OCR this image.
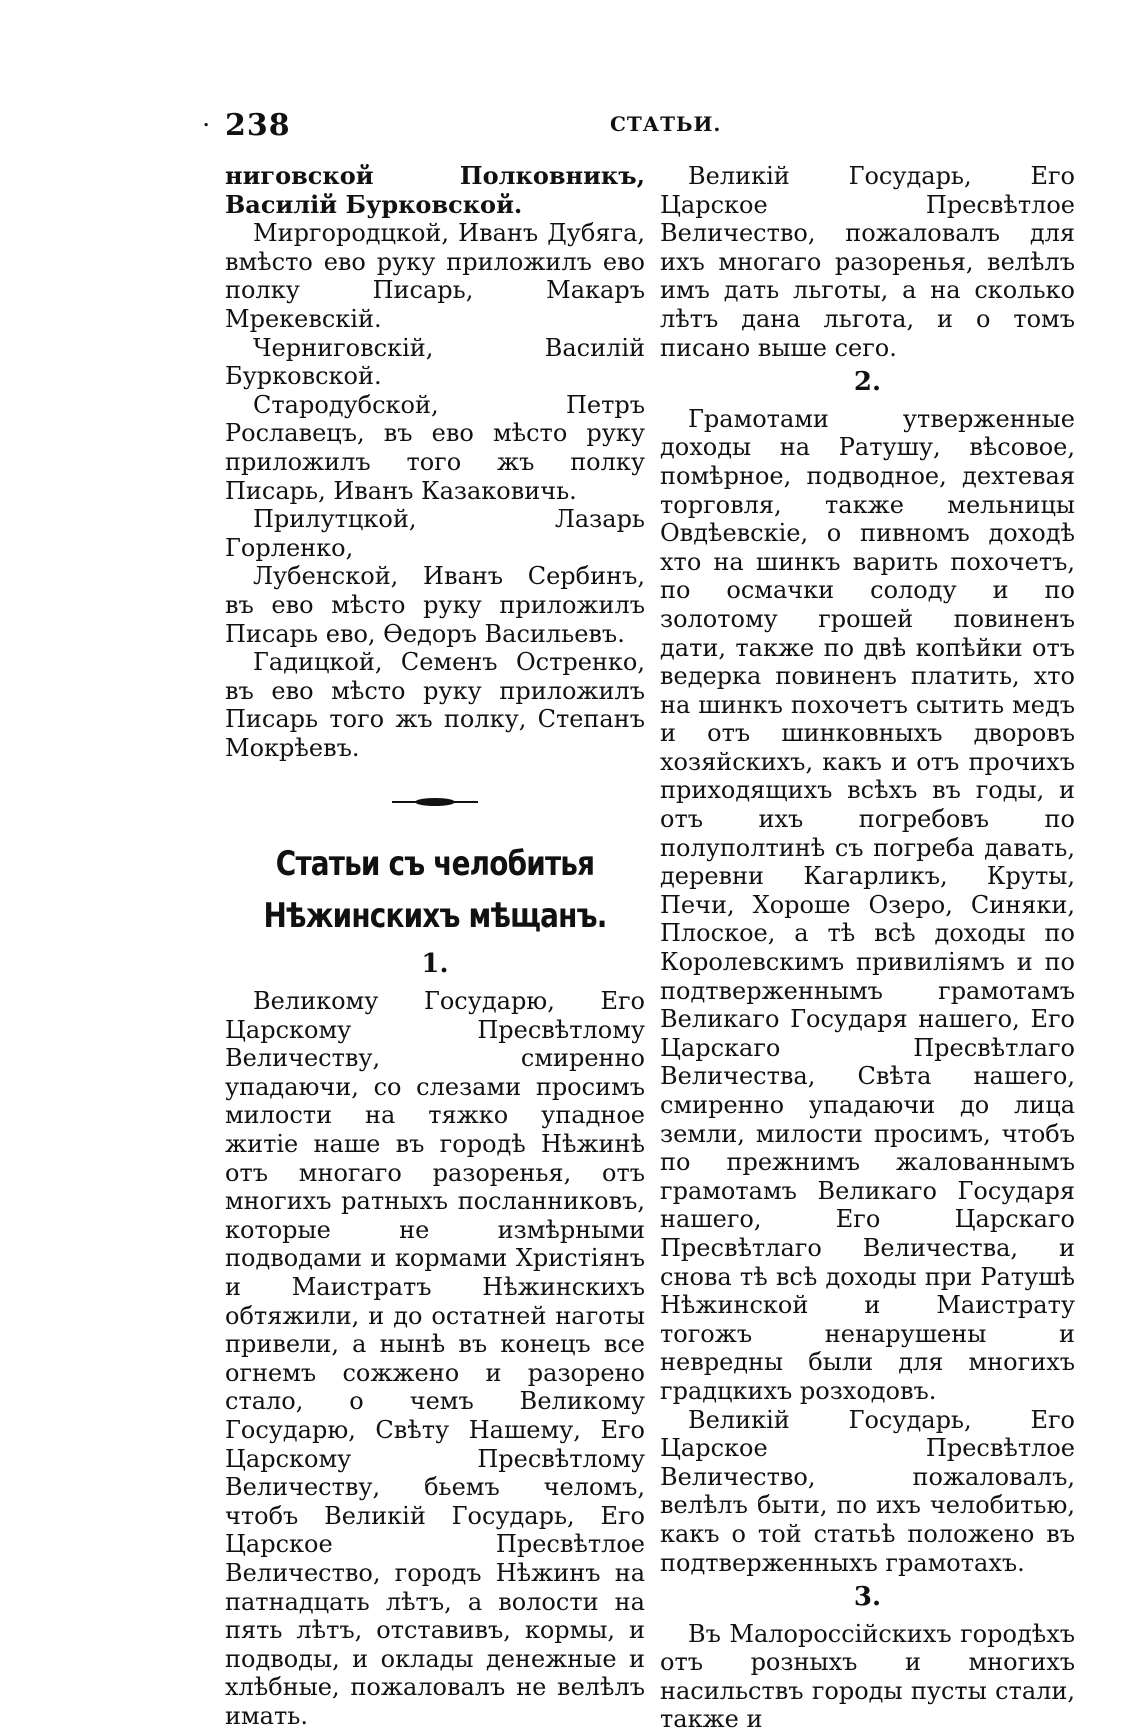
238	СТАТЬИ.
.

ниговской Полковникъ, Василій Бурковской.

Миргородцкой, Иванъ Дубяга, вмѣсто ево руку приложилъ ево полку Писарь, Макаръ Мрекевскій.

Черниговскій, Василій Бурковской.

Стародубской, Петръ Рославецъ, въ ево мѣсто руку приложилъ того жъ полку Писарь, Иванъ Казаковичь.

Прилутцкой, Лазарь Горленко,

Лубенской, Иванъ Сербинъ, въ ево мѣсто руку приложилъ Писарь ево, Ѳедоръ Васильевъ.

Гадицкой, Семенъ Остренко, въ ево мѣсто руку приложилъ Писарь того жъ полку, Степанъ Мокрѣевъ.

Статьи съ челобитья Нѣжинскихъ мѣщанъ.
1.

Великому Государю, Его Царскому Пресвѣтлому Величеству, смиренно упадаючи, со слезами просимъ милости на тяжко упадное житіе наше въ городѣ Нѣжинѣ отъ многаго разоренья, отъ многихъ ратныхъ посланниковъ, которые не измѣрными подводами и кормами Христіянъ и Маистратъ Нѣжинскихъ обтяжили, и до остатней наготы привели, а нынѣ въ конецъ все огнемъ сожжено и разорено стало, о чемъ Великому Государю, Свѣту Нашему, Его Царскому Пресвѣтлому Величеству, бьемъ челомъ, чтобъ Великій Государь, Его Царское Пресвѣтлое Величество, городъ Нѣжинъ на патнадцать лѣтъ, а волости на пять лѣтъ, отставивъ, кормы, и подводы, и оклады денежные и хлѣбные, пожаловалъ не велѣлъ имать.

Великій Государь, Его Царское Пресвѣтлое Величество, пожаловалъ для ихъ многаго разоренья, велѣлъ имъ дать льготы, а на сколько лѣтъ дана льгота, и о томъ писано выше сего.

2.

Грамотами утверженные доходы на Ратушу, вѣсовое, помѣрное, подводное, дехтевая торговля, также мельницы Овдѣевскіе, о пивномъ доходѣ хто на шинкъ варить похочетъ, по осмачки солоду и по золотому грошей повиненъ дати, также по двѣ копѣйки отъ ведерка повиненъ платить, хто на шинкъ похочетъ сытить медъ и отъ шинковныхъ дворовъ хозяйскихъ, какъ и отъ прочихъ приходящихъ всѣхъ въ годы, и отъ ихъ погребовъ по полуполтинѣ съ погреба давать, деревни Кагарликъ, Круты, Печи, Хороше Озеро, Синяки, Плоское, а тѣ всѣ доходы по Королевскимъ привиліямъ и по подтверженнымъ грамотамъ Великаго Государя нашего, Его Царскаго Пресвѣтлаго Величества, Свѣта нашего, смиренно упадаючи до лица земли, милости просимъ, чтобъ по прежнимъ жалованнымъ грамотамъ Великаго Государя нашего, Его Царскаго Пресвѣтлаго Величества, и снова тѣ всѣ доходы при Ратушѣ Нѣжинской и Маистрату тогожъ ненарушены и невредны были для многихъ градцкихъ розходовъ.

Великій Государь, Его Царское Пресвѣтлое Величество, пожаловалъ, велѣлъ быти, по ихъ челобитью, какъ о той статьѣ положено въ подтверженныхъ грамотахъ.

3.

Въ Малороссійскихъ городѣхъ отъ розныхъ и многихъ насильствъ городы пусты стали, также и
